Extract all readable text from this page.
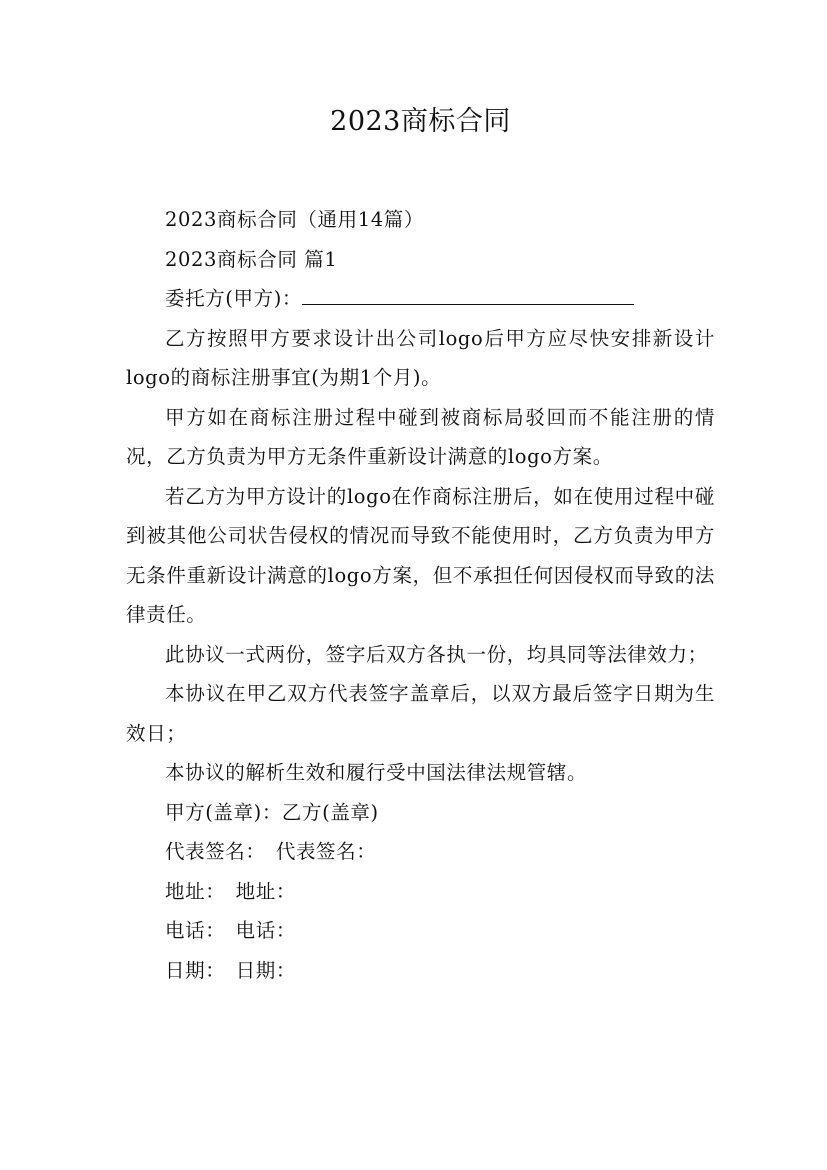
2023商标合同

2023商标合同（通用14篇）

2023商标合同 篇1

委托方(甲方)：

乙方按照甲方要求设计出公司logo后甲方应尽快安排新设计logo的商标注册事宜(为期1个月)。

甲方如在商标注册过程中碰到被商标局驳回而不能注册的情况，乙方负责为甲方无条件重新设计满意的logo方案。

若乙方为甲方设计的logo在作商标注册后，如在使用过程中碰到被其他公司状告侵权的情况而导致不能使用时，乙方负责为甲方无条件重新设计满意的logo方案，但不承担任何因侵权而导致的法律责任。

此协议一式两份，签字后双方各执一份，均具同等法律效力；

本协议在甲乙双方代表签字盖章后，以双方最后签字日期为生效日；

本协议的解析生效和履行受中国法律法规管辖。

甲方(盖章)：乙方(盖章)

代表签名：　代表签名：

地址：　地址：

电话：　电话：

日期：　日期：
